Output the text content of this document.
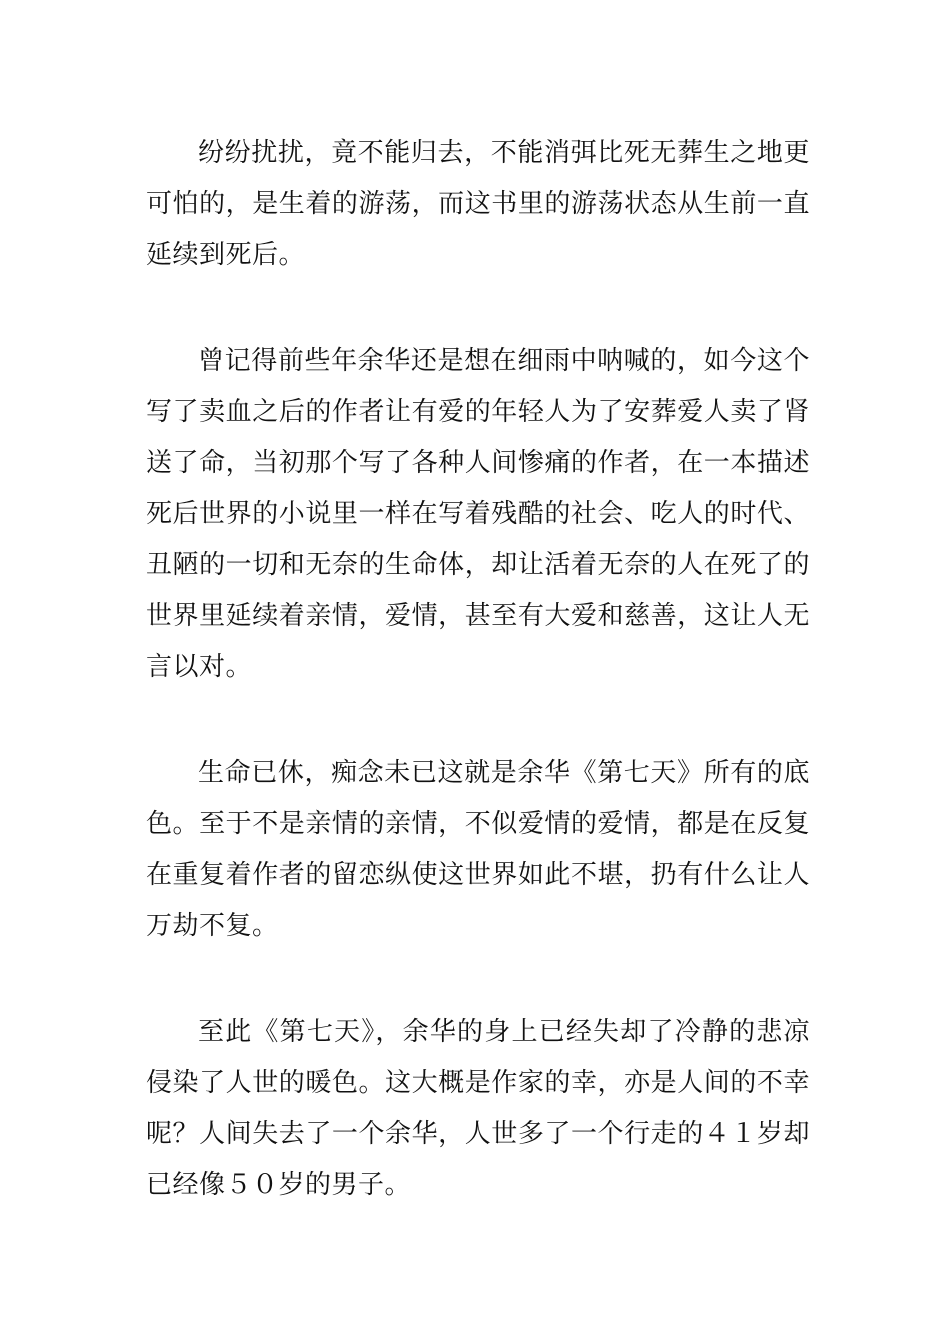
纷纷扰扰，竟不能归去，不能消弭比死无葬生之地更可怕的，是生着的游荡，而这书里的游荡状态从生前一直延续到死后。

曾记得前些年余华还是想在细雨中呐喊的，如今这个写了卖血之后的作者让有爱的年轻人为了安葬爱人卖了肾送了命，当初那个写了各种人间惨痛的作者，在一本描述死后世界的小说里一样在写着残酷的社会、吃人的时代、丑陋的一切和无奈的生命体，却让活着无奈的人在死了的世界里延续着亲情，爱情，甚至有大爱和慈善，这让人无言以对。

生命已休，痴念未已这就是余华《第七天》所有的底色。至于不是亲情的亲情，不似爱情的爱情，都是在反复在重复着作者的留恋纵使这世界如此不堪，扔有什么让人万劫不复。

至此《第七天》，余华的身上已经失却了冷静的悲凉侵染了人世的暖色。这大概是作家的幸，亦是人间的不幸呢？人间失去了一个余华，人世多了一个行走的４１岁却已经像５０岁的男子。
